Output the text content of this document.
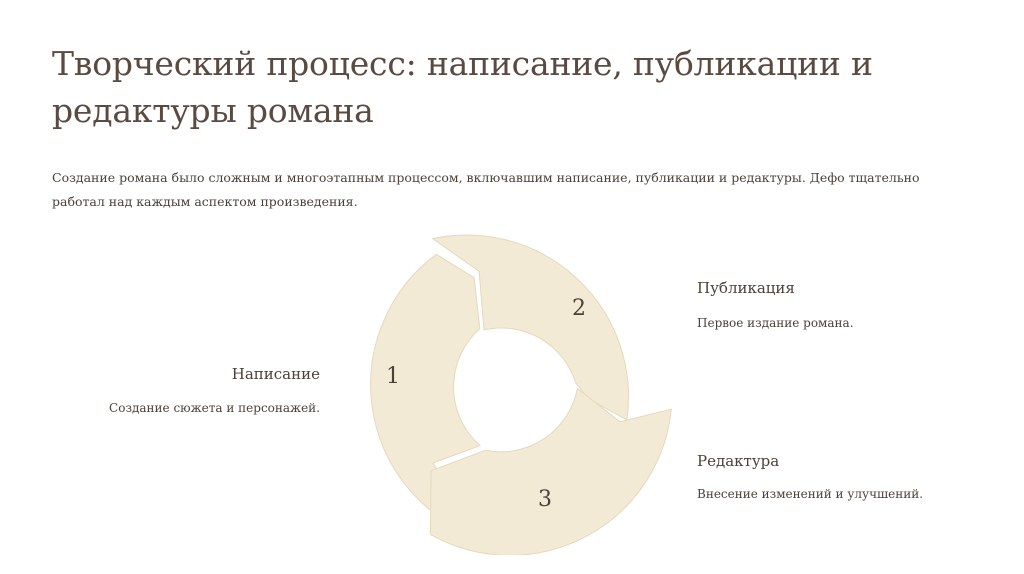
Творческий процесс: написание, публикации и редактуры романа

Создание романа было сложным и многоэтапным процессом, включавшим написание, публикации и редактуры. Дефо тщательно работал над каждым аспектом произведения.

1
2
3

Написание

Создание сюжета и персонажей.

Публикация

Первое издание романа.

Редактура

Внесение изменений и улучшений.
